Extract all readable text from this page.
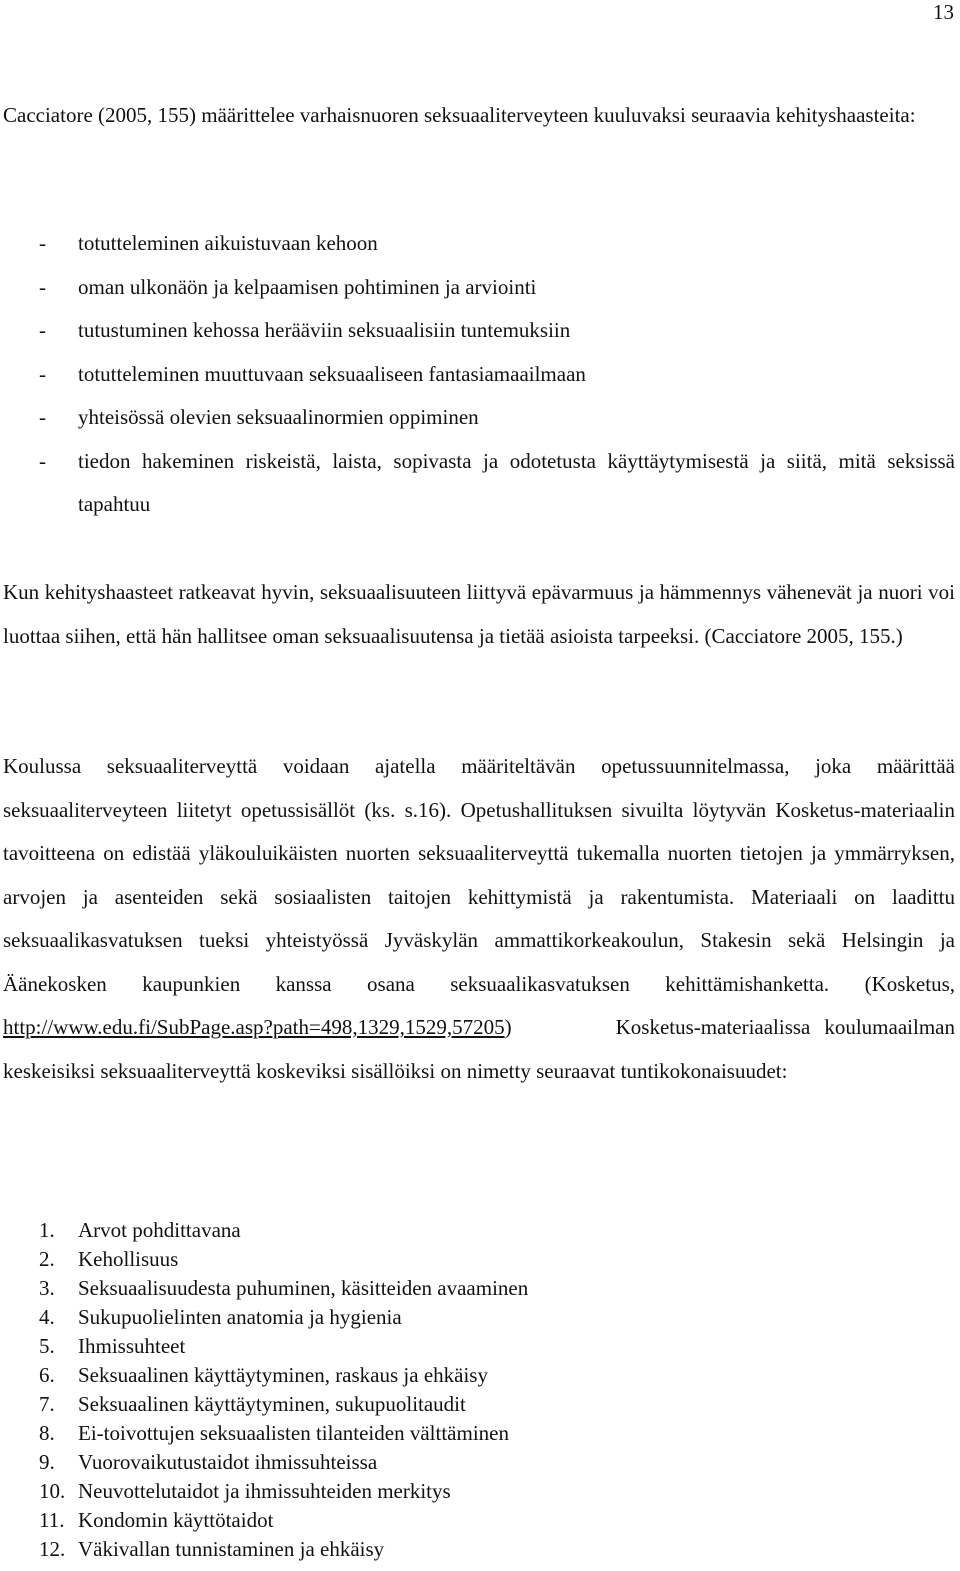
13

Cacciatore (2005, 155) määrittelee varhaisnuoren seksuaaliterveyteen kuuluvaksi seuraavia kehityshaasteita:

- totutteleminen aikuistuvaan kehoon
- oman ulkonäön ja kelpaamisen pohtiminen ja arviointi
- tutustuminen kehossa herääviin seksuaalisiin tuntemuksiin
- totutteleminen muuttuvaan seksuaaliseen fantasiamaailmaan
- yhteisössä olevien seksuaalinormien oppiminen
- tiedon hakeminen riskeistä, laista, sopivasta ja odotetusta käyttäytymisestä ja siitä, mitä seksissä tapahtuu

Kun kehityshaasteet ratkeavat hyvin, seksuaalisuuteen liittyvä epävarmuus ja hämmennys vähenevät ja nuori voi luottaa siihen, että hän hallitsee oman seksuaalisuutensa ja tietää asioista tarpeeksi. (Cacciatore 2005, 155.)

Koulussa seksuaaliterveyttä voidaan ajatella määriteltävän opetussuunnitelmassa, joka määrittää seksuaaliterveyteen liitetyt opetussisällöt (ks. s.16). Opetushallituksen sivuilta löytyvän Kosketus-materiaalin tavoitteena on edistää yläkouluikäisten nuorten seksuaaliterveyttä tukemalla nuorten tietojen ja ymmärryksen, arvojen ja asenteiden sekä sosiaalisten taitojen kehittymistä ja rakentumista. Materiaali on laadittu seksuaalikasvatuksen tueksi yhteistyössä Jyväskylän ammattikorkeakoulun, Stakesin sekä Helsingin ja Äänekosken kaupunkien kanssa osana seksuaalikasvatuksen kehittämishanketta. (Kosketus, http://www.edu.fi/SubPage.asp?path=498,1329,1529,57205)	Kosketus-materiaalissa koulumaailman keskeisiksi seksuaaliterveyttä koskeviksi sisällöiksi on nimetty seuraavat tuntikokonaisuudet:

1. Arvot pohdittavana
2. Kehollisuus
3. Seksuaalisuudesta puhuminen, käsitteiden avaaminen
4. Sukupuolielinten anatomia ja hygienia
5. Ihmissuhteet
6. Seksuaalinen käyttäytyminen, raskaus ja ehkäisy
7. Seksuaalinen käyttäytyminen, sukupuolitaudit
8. Ei-toivottujen seksuaalisten tilanteiden välttäminen
9. Vuorovaikutustaidot ihmissuhteissa
10. Neuvottelutaidot ja ihmissuhteiden merkitys
11. Kondomin käyttötaidot
12. Väkivallan tunnistaminen ja ehkäisy
